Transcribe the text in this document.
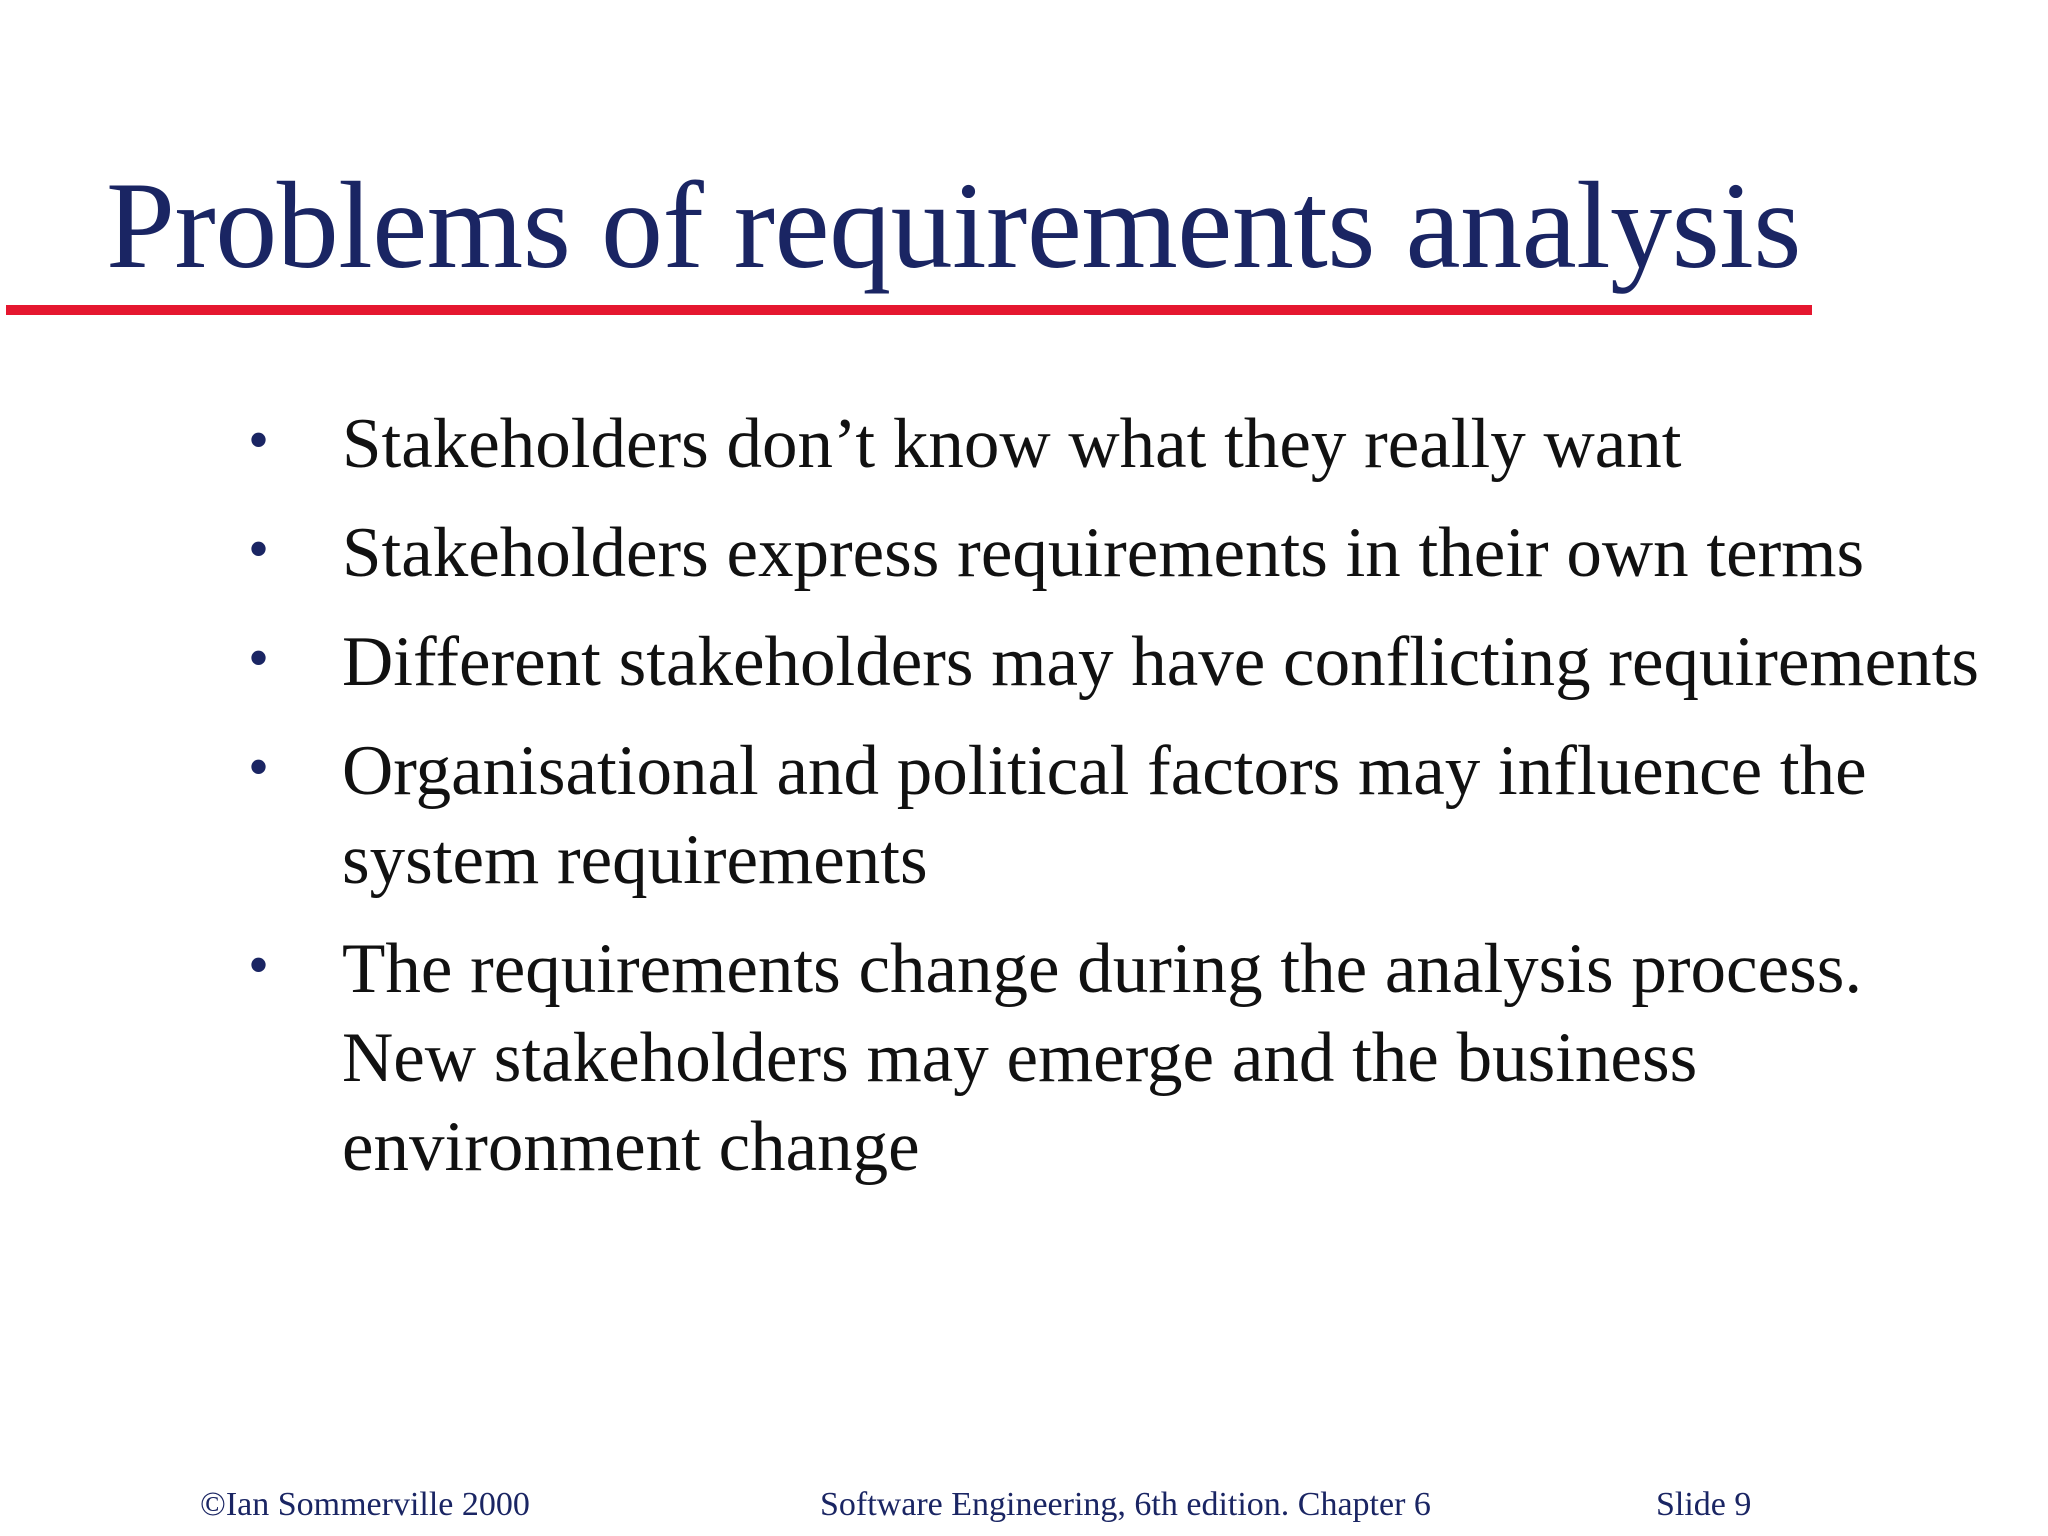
Problems of requirements analysis
• Stakeholders don’t know what they really want
• Stakeholders express requirements in their own terms
• Different stakeholders may have conflicting requirements
• Organisational and political factors may influence the system requirements
• The requirements change during the analysis process. New stakeholders may emerge and the business environment change
©Ian Sommerville 2000	Software Engineering, 6th edition. Chapter 6	Slide 9
